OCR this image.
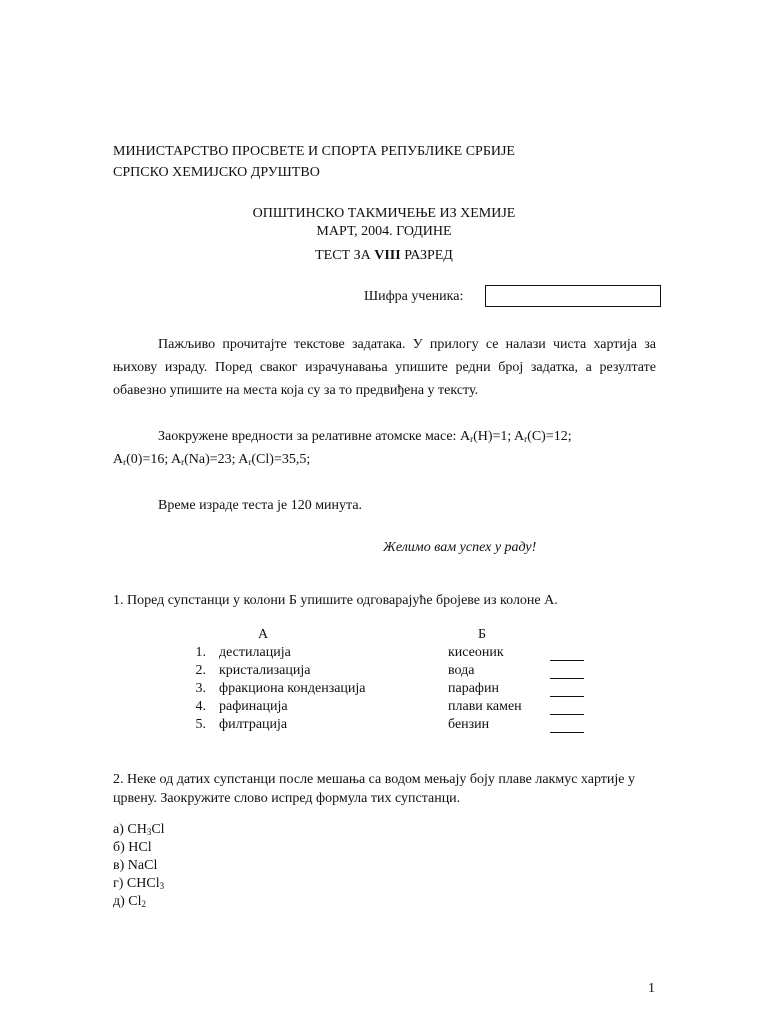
МИНИСТАРСТВО ПРОСВЕТЕ И СПОРТА РЕПУБЛИКЕ СРБИЈЕ
СРПСКО ХЕМИЈСКО ДРУШТВО
ОПШТИНСКО ТАКМИЧЕЊЕ ИЗ ХЕМИЈЕ
МАРТ, 2004. ГОДИНЕ
ТЕСТ ЗА VIII РАЗРЕД
Шифра ученика:
Пажљиво прочитајте текстове задатака. У прилогу се налази чиста хартија за њихову израду. Поред сваког израчунавања упишите редни број задатка, а резултате обавезно упишите на места која су за то предвиђена у тексту.
Заокружене вредности за релативне атомске масе: $A_r(H)=1$; $A_r(C)=12$;
$A_r(0)=16$; $A_r(Na)=23$; $A_r(Cl)=35,5$;
Време израде теста је 120 минута.
Желимо вам успех у раду!
1. Поред супстанци у колони Б упишите одговарајуће бројеве из колоне А.
А	Б
1. дестилација	кисеоник
2. кристализација	вода
3. фракциона кондензација	парафин
4. рафинација	плави камен
5. филтрација	бензин
2. Неке од датих супстанци после мешања са водом мењају боју плаве лакмус хартије у црвену. Заокружите слово испред формула тих супстанци.
а) $CH_3Cl$
б) HCl
в) NaCl
г) CHCl$_3$
д) $Cl_2$
1
